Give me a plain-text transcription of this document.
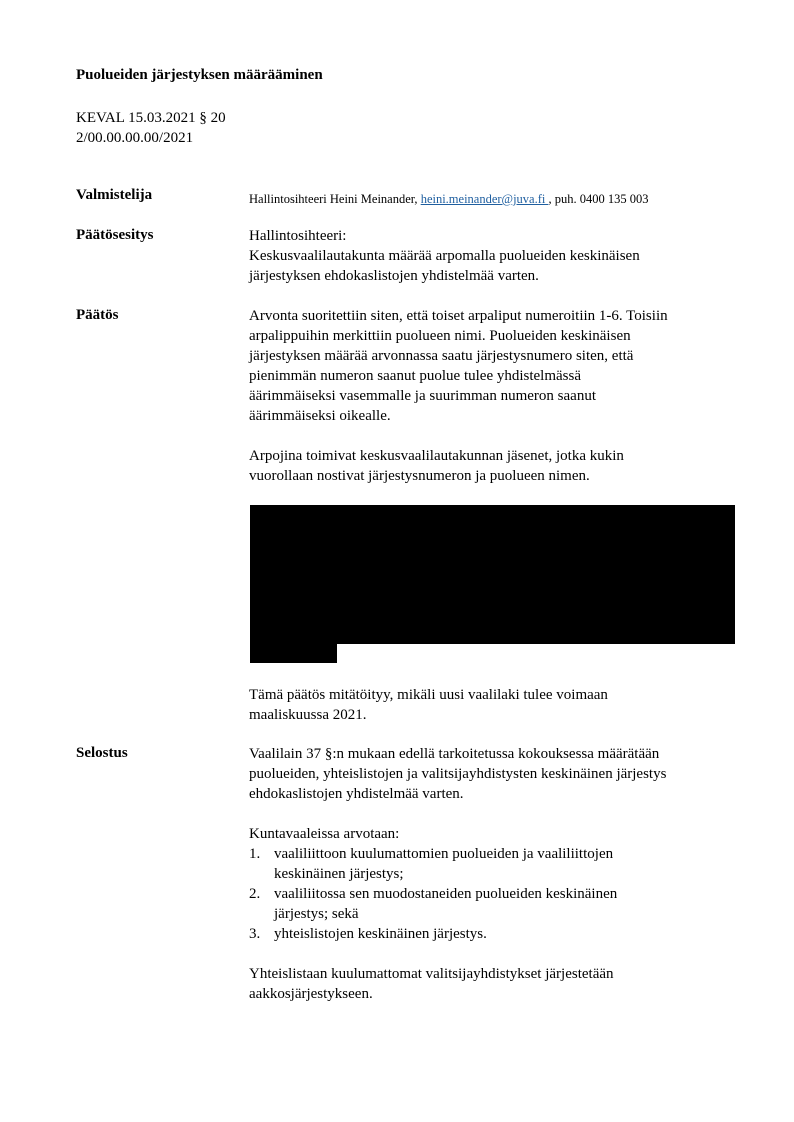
Puolueiden järjestyksen määrääminen
KEVAL 15.03.2021 § 20
2/00.00.00.00/2021
Valmistelija	Hallintosihteeri Heini Meinander, heini.meinander@juva.fi , puh. 0400 135 003
Päätösesitys	Hallintosihteeri:

Keskusvaalilautakunta määrää arpomalla puolueiden keskinäisen

järjestyksen ehdokaslistojen yhdistelmää varten.

Päätös	Arvonta suoritettiin siten, että toiset arpaliput numeroitiin 1-6. Toisiin

arpalippuihin merkittiin puolueen nimi. Puolueiden keskinäisen

järjestyksen määrää arvonnassa saatu järjestysnumero siten, että

pienimmän numeron saanut puolue tulee yhdistelmässä

äärimmäiseksi vasemmalle ja suurimman numeron saanut

äärimmäiseksi oikealle.

Arpojina toimivat keskusvaalilautakunnan jäsenet, jotka kukin

vuorollaan nostivat järjestysnumeron ja puolueen nimen.

Tämä päätös mitätöityy, mikäli uusi vaalilaki tulee voimaan

maaliskuussa 2021.

Selostus	Vaalilain 37 §:n mukaan edellä tarkoitetussa kokouksessa määrätään

puolueiden, yhteislistojen ja valitsijayhdistysten keskinäinen järjestys

ehdokaslistojen yhdistelmää varten.

Kuntavaaleissa arvotaan:

1. vaaliliittoon kuulumattomien puolueiden ja vaaliliittojen
keskinäinen järjestys;
2. vaaliliitossa sen muodostaneiden puolueiden keskinäinen
järjestys; sekä
3. yhteislistojen keskinäinen järjestys.

Yhteislistaan kuulumattomat valitsijayhdistykset järjestetään

aakkosjärjestykseen.
